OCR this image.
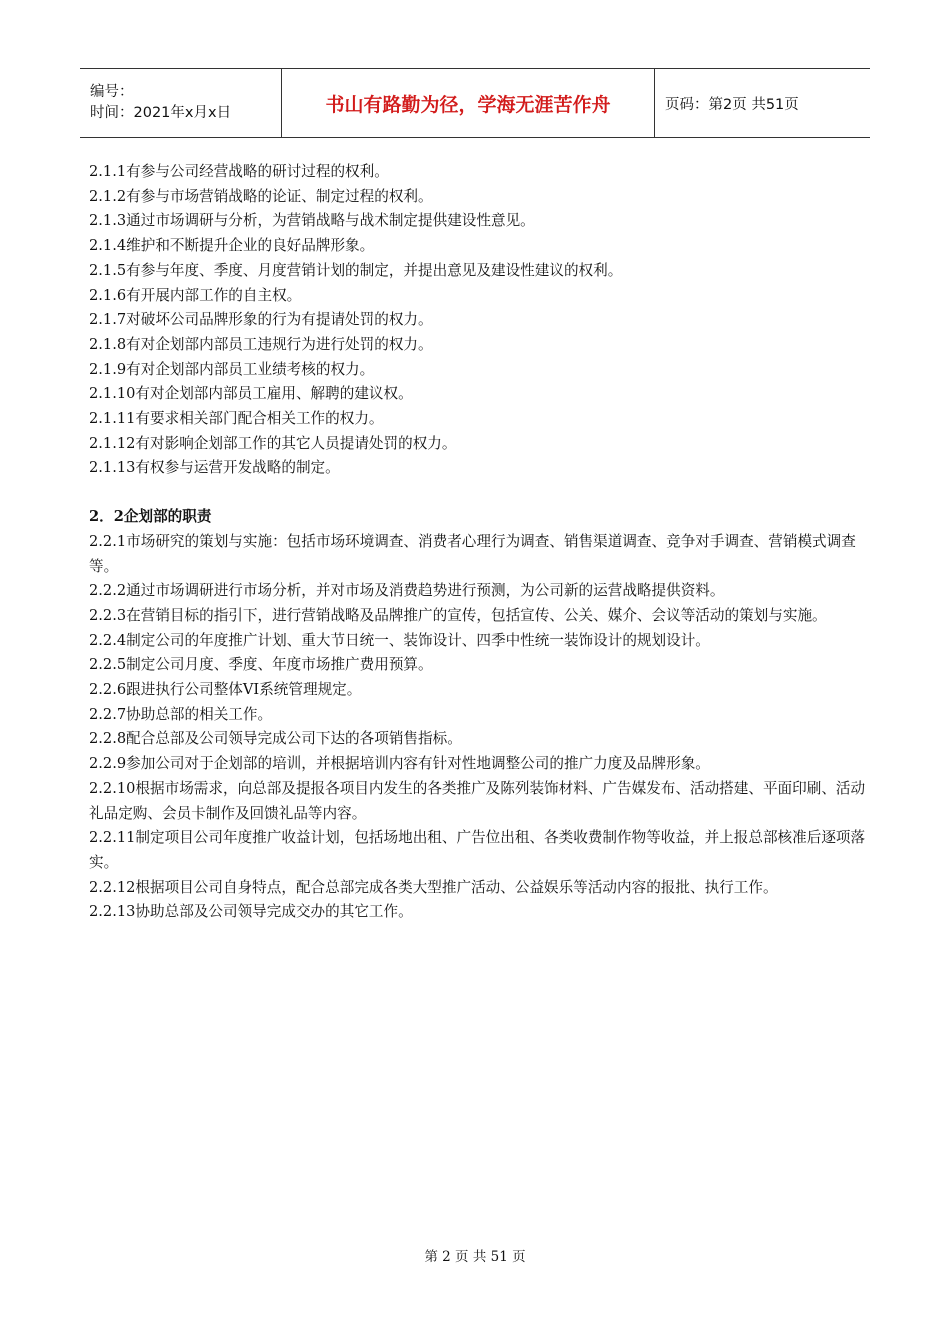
编号：
时间：2021年x月x日	书山有路勤为径，学海无涯苦作舟	页码：第2页 共51页

2.1.1有参与公司经营战略的研讨过程的权利。

2.1.2有参与市场营销战略的论证、制定过程的权利。

2.1.3通过市场调研与分析，为营销战略与战术制定提供建设性意见。

2.1.4维护和不断提升企业的良好品牌形象。

2.1.5有参与年度、季度、月度营销计划的制定，并提出意见及建设性建议的权利。

2.1.6有开展内部工作的自主权。

2.1.7对破坏公司品牌形象的行为有提请处罚的权力。

2.1.8有对企划部内部员工违规行为进行处罚的权力。

2.1.9有对企划部内部员工业绩考核的权力。

2.1.10有对企划部内部员工雇用、解聘的建议权。

2.1.11有要求相关部门配合相关工作的权力。

2.1.12有对影响企划部工作的其它人员提请处罚的权力。

2.1.13有权参与运营开发战略的制定。

2．2企划部的职责

2.2.1市场研究的策划与实施：包括市场环境调查、消费者心理行为调查、销售渠道调查、竞争对手调查、营销模式调查等。

2.2.2通过市场调研进行市场分析，并对市场及消费趋势进行预测，为公司新的运营战略提供资料。

2.2.3在营销目标的指引下，进行营销战略及品牌推广的宣传，包括宣传、公关、媒介、会议等活动的策划与实施。

2.2.4制定公司的年度推广计划、重大节日统一、装饰设计、四季中性统一装饰设计的规划设计。

2.2.5制定公司月度、季度、年度市场推广费用预算。

2.2.6跟进执行公司整体VI系统管理规定。

2.2.7协助总部的相关工作。

2.2.8配合总部及公司领导完成公司下达的各项销售指标。

2.2.9参加公司对于企划部的培训，并根据培训内容有针对性地调整公司的推广力度及品牌形象。

2.2.10根据市场需求，向总部及提报各项目内发生的各类推广及陈列装饰材料、广告媒发布、活动搭建、平面印刷、活动礼品定购、会员卡制作及回馈礼品等内容。

2.2.11制定项目公司年度推广收益计划，包括场地出租、广告位出租、各类收费制作物等收益，并上报总部核准后逐项落实。

2.2.12根据项目公司自身特点，配合总部完成各类大型推广活动、公益娱乐等活动内容的报批、执行工作。

2.2.13协助总部及公司领导完成交办的其它工作。

第 2 页 共 51 页
